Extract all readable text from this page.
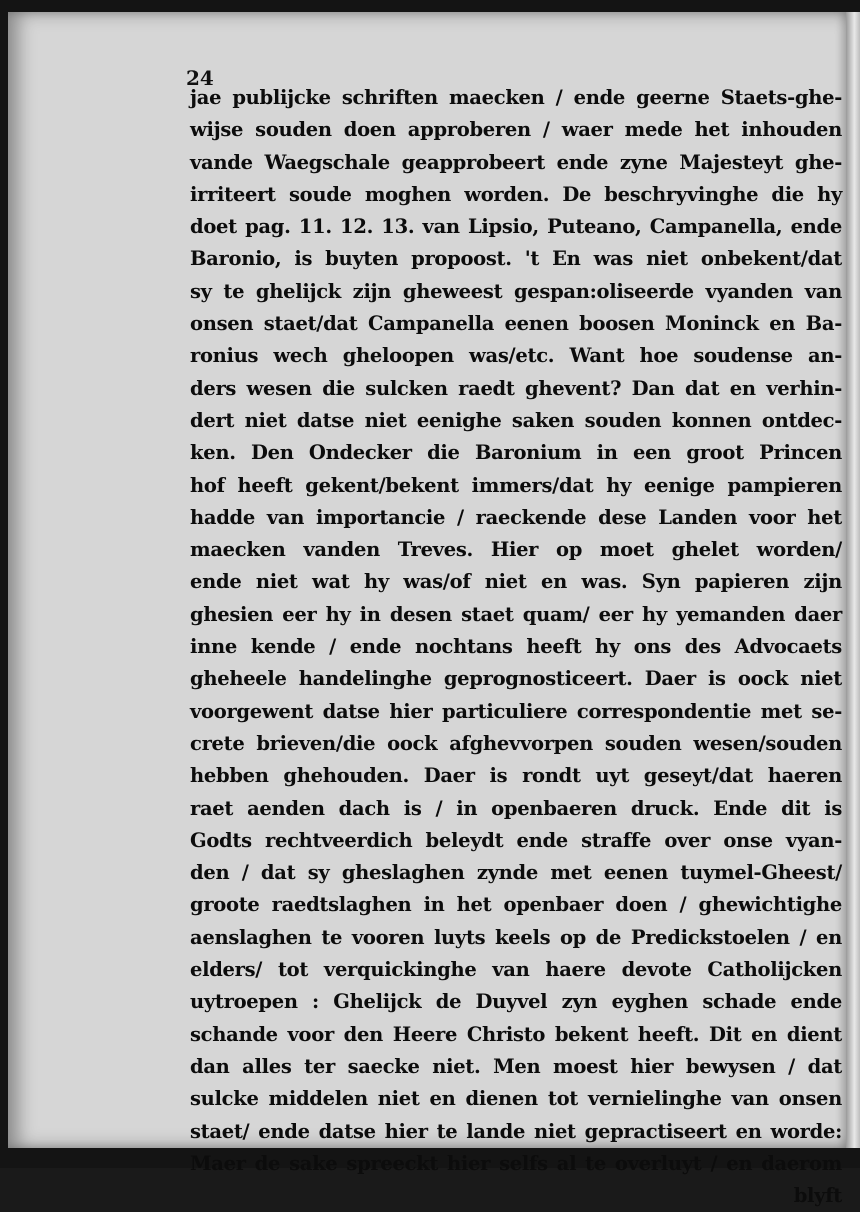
24

jae publijcke schriften maecken / ende geerne Staets-ghe-
wijse souden doen approberen / waer mede het inhouden
vande Waegschale geapprobeert ende zyne Majesteyt ghe-
irriteert soude moghen worden. De beschryvinghe die hy
doet pag. 11. 12. 13. van Lipsio, Puteano, Campanella, ende
Baronio, is buyten propoost. 't En was niet onbekent/dat
sy te ghelijck zijn gheweest gespan:oliseerde vyanden van
onsen staet/dat Campanella eenen boosen Moninck en Ba-
ronius wech gheloopen was/etc. Want hoe soudense an-
ders wesen die sulcken raedt ghevent? Dan dat en verhin-
dert niet datse niet eenighe saken souden konnen ontdec-
ken. Den Ondecker die Baronium in een groot Princen
hof heeft gekent/bekent immers/dat hy eenige pampieren
hadde van importancie / raeckende dese Landen voor het
maecken vanden Treves. Hier op moet ghelet worden/
ende niet wat hy was/of niet en was. Syn papieren zijn
ghesien eer hy in desen staet quam/ eer hy yemanden daer
inne kende / ende nochtans heeft hy ons des Advocaets
gheheele handelinghe geprognosticeert. Daer is oock niet
voorgewent datse hier particuliere correspondentie met se-
crete brieven/die oock afghevvorpen souden wesen/souden
hebben ghehouden. Daer is rondt uyt geseyt/dat haeren
raet aenden dach is / in openbaeren druck. Ende dit is
Godts rechtveerdich beleydt ende straffe over onse vyan-
den / dat sy gheslaghen zynde met eenen tuymel-Gheest/
groote raedtslaghen in het openbaer doen / ghewichtighe
aenslaghen te vooren luyts keels op de Predickstoelen / en
elders/ tot verquickinghe van haere devote Catholijcken
uytroepen : Ghelijck de Duyvel zyn eyghen schade ende
schande voor den Heere Christo bekent heeft. Dit en dient
dan alles ter saecke niet. Men moest hier bewysen / dat
sulcke middelen niet en dienen tot vernielinghe van onsen
staet/ ende datse hier te lande niet gepractiseert en worde:
Maer de sake spreeckt hier selfs al te overluyt / en daerom
blyft
